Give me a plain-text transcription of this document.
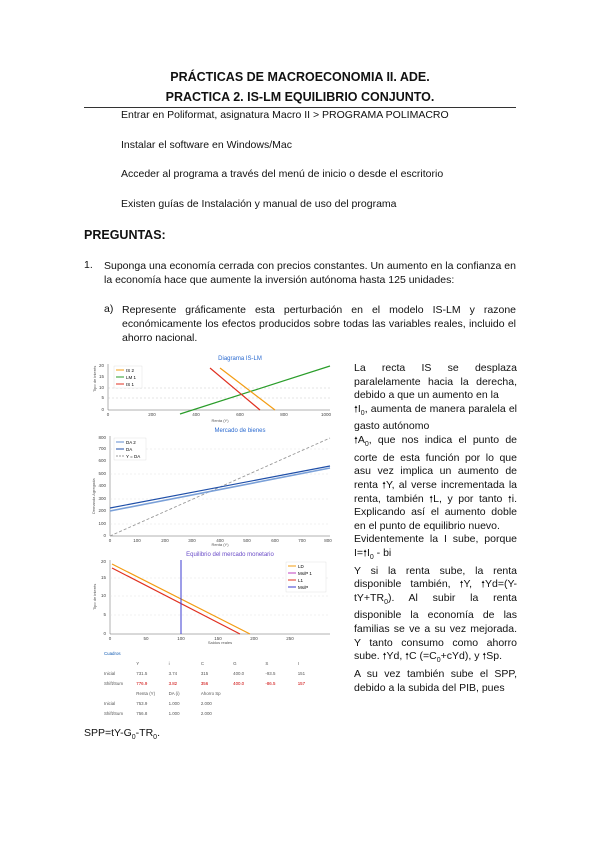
PRÁCTICAS DE MACROECONOMIA II. ADE.
PRACTICA 2. IS-LM EQUILIBRIO CONJUNTO.
Entrar en Poliformat, asignatura Macro II > PROGRAMA POLIMACRO
Instalar el software en Windows/Mac
Acceder al programa a través del menú de inicio o desde el escritorio
Existen guías de Instalación y manual de uso del programa
PREGUNTAS:
1. Suponga una economía cerrada con precios constantes. Un aumento en la confianza en la economía hace que aumente la inversión autónoma hasta 125 unidades:
a) Represente gráficamente esta perturbación en el modelo IS-LM y razone económicamente los efectos producidos sobre todas las variables reales, incluido el ahorro nacional.
Diagrama IS-LM
IS 2
LM 1
IS 1
Tipo de interés
Renta (Y)
0	200	400	600	800	1000
0
5
10
15
20
Mercado de bienes
DA 2
DA
Y = DA
Demanda Agregada
Renta (Y)
0	100	200	300	400	500	600	700	800
0
100
200
300
400
500
600
700
800
Equilibrio del mercado monetario
LD
Ms/P 1
L1
Ms/P
Tipo de interés
Saldos reales
0	50	100	150	200	250
0
5
10
15
20
Cuadros
Y	i	C	G	S	I
Inicial	731.5	3.74	315	400.0	-93.5	151
Shift/Sum	776.9	3.82	356	400.0	-86.5	157
Renta (Y)	DA (i)	Ahorro Sp
Inicial	753.9	1.000	2.000
Shift/Sum	756.8	1.000	2.000

La recta IS se desplaza paralelamente hacia la derecha, debido a que un aumento en la

$🠕I_0$, aumenta de manera paralela el gasto autónomo

$🠕A_0$, que nos indica el punto de corte de esta función por lo que asu vez implica un aumento de renta 🠕Y, al verse incrementada la renta, también 🠕L, y por tanto 🠕i. Explicando así el aumento doble en el punto de equilibrio nuevo.

Evidentemente la I sube, porque $I=🠕I_0$ - bi

Y si la renta sube, la renta disponible también, 🠕Y, $🠕Yd=(Y-tY+TR_0)$. Al subir la renta disponible la economía de las familias se ve a su vez mejorada. Y tanto consumo como ahorro sube. 🠕Yd, 🠕C $(=C_0+cYd)$, y 🠕Sp.

A su vez también sube el SPP, debido a la subida del PIB, pues

$SPP=tY-G_0-TR_0$.
